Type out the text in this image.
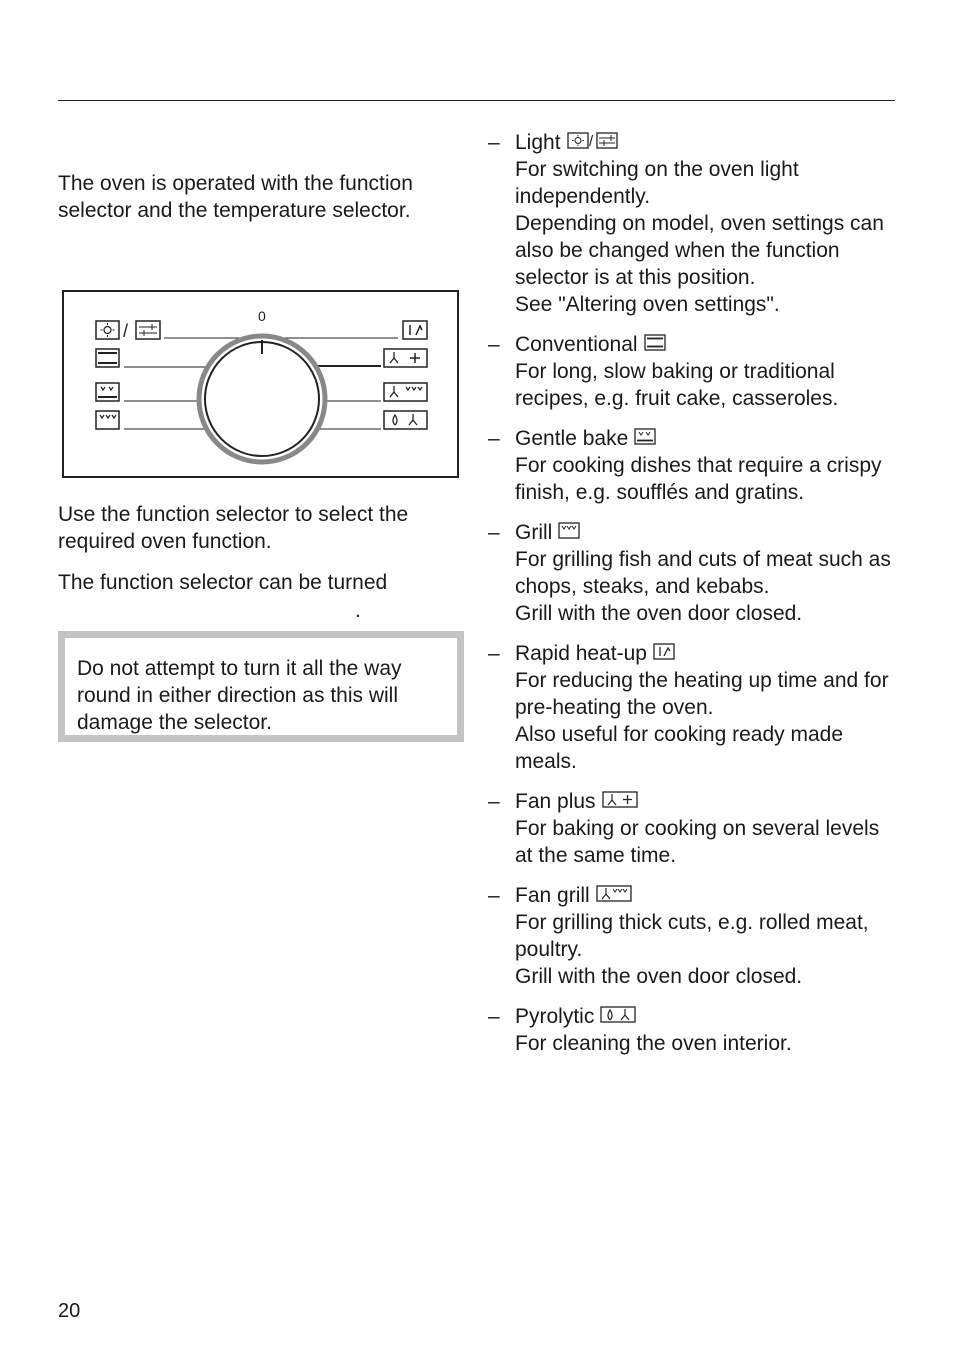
The oven is operated with the function selector and the temperature selector.

/
0

Use the function selector to select the required oven function.

The function selector can be turned

.

Do not attempt to turn it all the way round in either direction as this will damage the selector.
– Light /
For switching on the oven light independently.
Depending on model, oven settings can also be changed when the function selector is at this position.
See "Altering oven settings".
– Conventional
For long, slow baking or traditional recipes, e.g. fruit cake, casseroles.
– Gentle bake
For cooking dishes that require a crispy finish, e.g. soufflés and gratins.
– Grill
For grilling fish and cuts of meat such as chops, steaks, and kebabs.
Grill with the oven door closed.
– Rapid heat-up
For reducing the heating up time and for pre-heating the oven.
Also useful for cooking ready made meals.
– Fan plus
For baking or cooking on several levels at the same time.
– Fan grill
For grilling thick cuts, e.g. rolled meat, poultry.
Grill with the oven door closed.
– Pyrolytic
For cleaning the oven interior.
20
